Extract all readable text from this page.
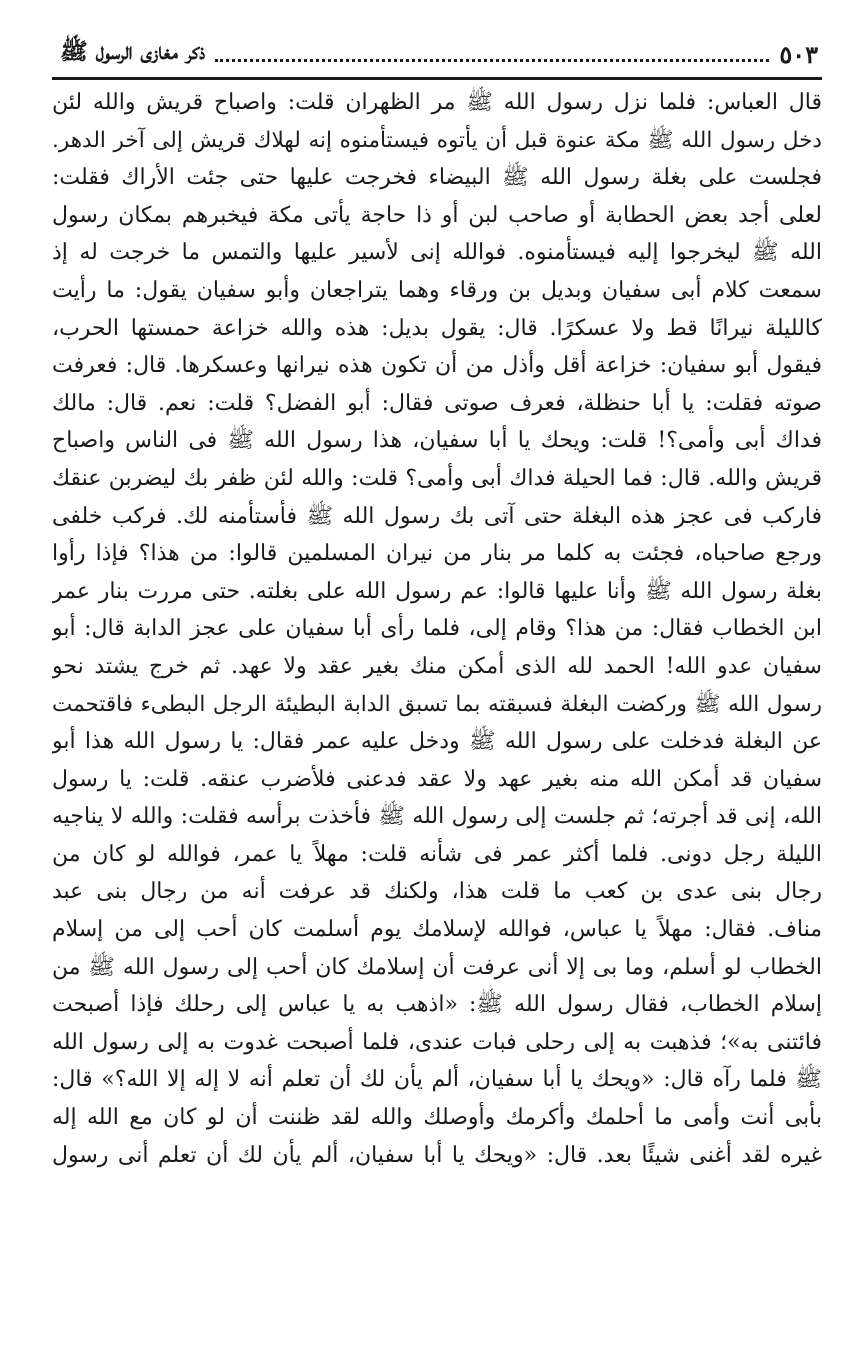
ذكر مغازى الرسول ﷺ	٥٠٣
قال العباس: فلما نزل رسول الله ﷺ مر الظهران قلت: واصباح قريش والله لئن
دخل رسول الله ﷺ مكة عنوة قبل أن يأتوه فيستأمنوه إنه لهلاك قريش إلى آخر الدهر.
فجلست على بغلة رسول الله ﷺ البيضاء فخرجت عليها حتى جئت الأراك فقلت:
لعلى أجد بعض الحطابة أو صاحب لبن أو ذا حاجة يأتى مكة فيخبرهم بمكان رسول
الله ﷺ ليخرجوا إليه فيستأمنوه. فوالله إنى لأسير عليها والتمس ما خرجت له إذ
سمعت كلام أبى سفيان وبديل بن ورقاء وهما يتراجعان وأبو سفيان يقول: ما رأيت
كالليلة نيرانًا قط ولا عسكرًا. قال: يقول بديل: هذه والله خزاعة حمستها الحرب،
فيقول أبو سفيان: خزاعة أقل وأذل من أن تكون هذه نيرانها وعسكرها. قال: فعرفت
صوته فقلت: يا أبا حنظلة، فعرف صوتى فقال: أبو الفضل؟ قلت: نعم. قال: مالك
فداك أبى وأمى؟! قلت: ويحك يا أبا سفيان، هذا رسول الله ﷺ فى الناس واصباح
قريش والله. قال: فما الحيلة فداك أبى وأمى؟ قلت: والله لئن ظفر بك ليضربن عنقك
فاركب فى عجز هذه البغلة حتى آتى بك رسول الله ﷺ فأستأمنه لك. فركب خلفى
ورجع صاحباه، فجئت به كلما مر بنار من نيران المسلمين قالوا: من هذا؟ فإذا رأوا
بغلة رسول الله ﷺ وأنا عليها قالوا: عم رسول الله على بغلته. حتى مررت بنار عمر
ابن الخطاب فقال: من هذا؟ وقام إلى، فلما رأى أبا سفيان على عجز الدابة قال: أبو
سفيان عدو الله! الحمد لله الذى أمكن منك بغير عقد ولا عهد. ثم خرج يشتد نحو
رسول الله ﷺ وركضت البغلة فسبقته بما تسبق الدابة البطيئة الرجل البطىء فاقتحمت
عن البغلة فدخلت على رسول الله ﷺ ودخل عليه عمر فقال: يا رسول الله هذا أبو
سفيان قد أمكن الله منه بغير عهد ولا عقد فدعنى فلأضرب عنقه. قلت: يا رسول
الله، إنى قد أجرته؛ ثم جلست إلى رسول الله ﷺ فأخذت برأسه فقلت: والله لا يناجيه
الليلة رجل دونى. فلما أكثر عمر فى شأنه قلت: مهلاً يا عمر، فوالله لو كان من
رجال بنى عدى بن كعب ما قلت هذا، ولكنك قد عرفت أنه من رجال بنى عبد
مناف. فقال: مهلاً يا عباس، فوالله لإسلامك يوم أسلمت كان أحب إلى من إسلام
الخطاب لو أسلم، وما بى إلا أنى عرفت أن إسلامك كان أحب إلى رسول الله ﷺ من
إسلام الخطاب، فقال رسول الله ﷺ: «اذهب به يا عباس إلى رحلك فإذا أصبحت
فائتنى به»؛ فذهبت به إلى رحلى فبات عندى، فلما أصبحت غدوت به إلى رسول الله
ﷺ فلما رآه قال: «ويحك يا أبا سفيان، ألم يأن لك أن تعلم أنه لا إله إلا الله؟» قال:
بأبى أنت وأمى ما أحلمك وأكرمك وأوصلك والله لقد ظننت أن لو كان مع الله إله
غيره لقد أغنى شيئًا بعد. قال: «ويحك يا أبا سفيان، ألم يأن لك أن تعلم أنى رسول
